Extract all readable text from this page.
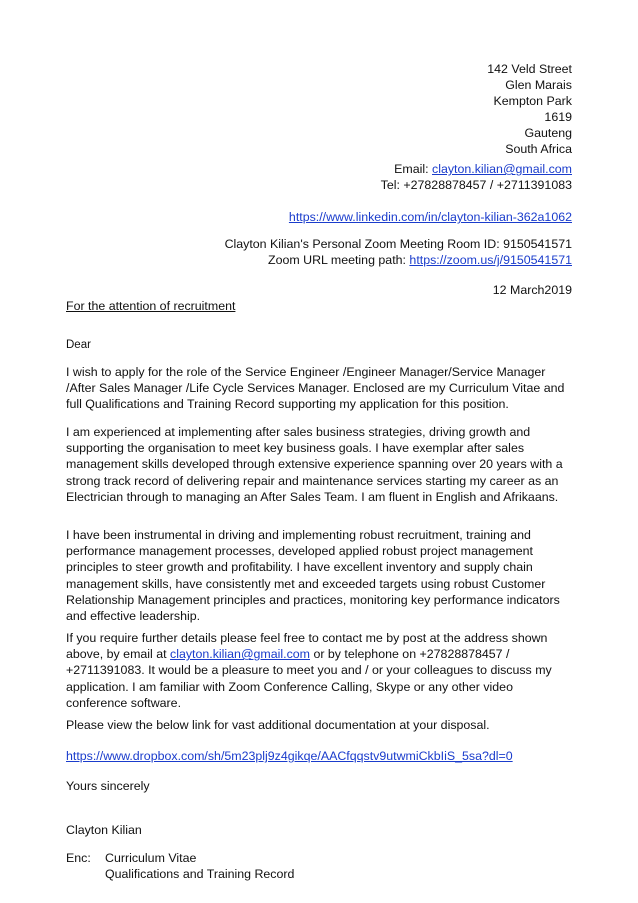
142 Veld Street
Glen Marais
Kempton Park
1619
Gauteng
South Africa
Email: clayton.kilian@gmail.com
Tel: +27828878457 / +2711391083
https://www.linkedin.com/in/clayton-kilian-362a1062
Clayton Kilian's Personal Zoom Meeting Room ID: 9150541571
Zoom URL meeting path: https://zoom.us/j/9150541571
12 March2019
For the attention of recruitment
Dear

I wish to apply for the role of the Service Engineer /Engineer Manager/Service Manager /After Sales Manager /Life Cycle Services Manager. Enclosed are my Curriculum Vitae and full Qualifications and Training Record supporting my application for this position.

I am experienced at implementing after sales business strategies, driving growth and supporting the organisation to meet key business goals. I have exemplar after sales management skills developed through extensive experience spanning over 20 years with a strong track record of delivering repair and maintenance services starting my career as an Electrician through to managing an After Sales Team. I am fluent in English and Afrikaans.

I have been instrumental in driving and implementing robust recruitment, training and performance management processes, developed applied robust project management principles to steer growth and profitability. I have excellent inventory and supply chain management skills, have consistently met and exceeded targets using robust Customer Relationship Management principles and practices, monitoring key performance indicators and effective leadership.

If you require further details please feel free to contact me by post at the address shown above, by email at clayton.kilian@gmail.com or by telephone on +27828878457 / +2711391083. It would be a pleasure to meet you and / or your colleagues to discuss my application. I am familiar with Zoom Conference Calling, Skype or any other video conference software.

Please view the below link for vast additional documentation at your disposal.

https://www.dropbox.com/sh/5m23plj9z4gikqe/AACfqqstv9utwmiCkbIiS_5sa?dl=0
Yours sincerely
Clayton Kilian
Enc:	Curriculum Vitae
Qualifications and Training Record
